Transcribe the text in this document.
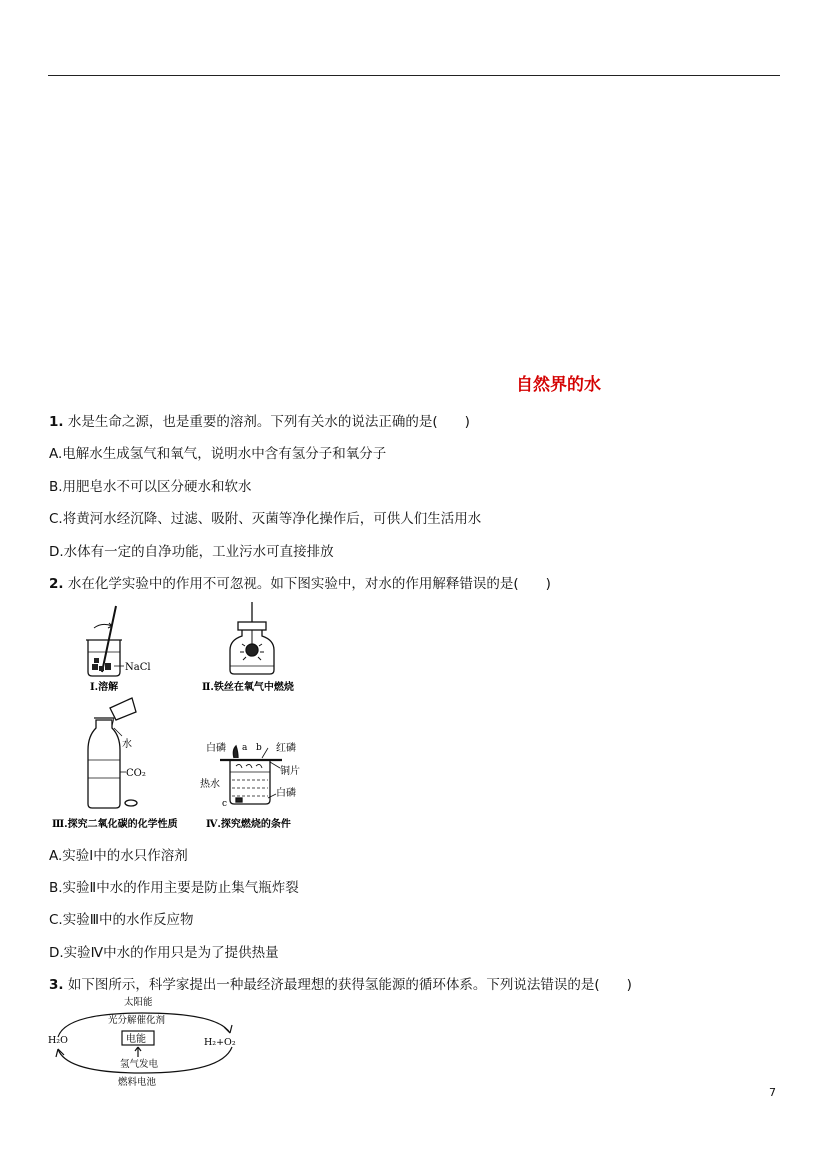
自然界的水
1. 水是生命之源，也是重要的溶剂。下列有关水的说法正确的是(　　)
A.电解水生成氢气和氧气，说明水中含有氢分子和氧分子
B.用肥皂水不可以区分硬水和软水
C.将黄河水经沉降、过滤、吸附、灭菌等净化操作后，可供人们生活用水
D.水体有一定的自净功能，工业污水可直接排放
2. 水在化学实验中的作用不可忽视。如下图实验中，对水的作用解释错误的是(　　)
NaCl
Ⅰ.溶解	Ⅱ.铁丝在氧气中燃烧
水
CO₂
Ⅲ.探究二氧化碳的化学性质
白磷 a b 红磷
铜片
热水
c
白磷
Ⅳ.探究燃烧的条件
A.实验Ⅰ中的水只作溶剂
B.实验Ⅱ中水的作用主要是防止集气瓶炸裂
C.实验Ⅲ中的水作反应物
D.实验Ⅳ中水的作用只是为了提供热量
3. 如下图所示，科学家提出一种最经济最理想的获得氢能源的循环体系。下列说法错误的是(　　)
太阳能
光分解催化剂
H₂O	H₂+O₂
电能
氢气发电
燃料电池
7
